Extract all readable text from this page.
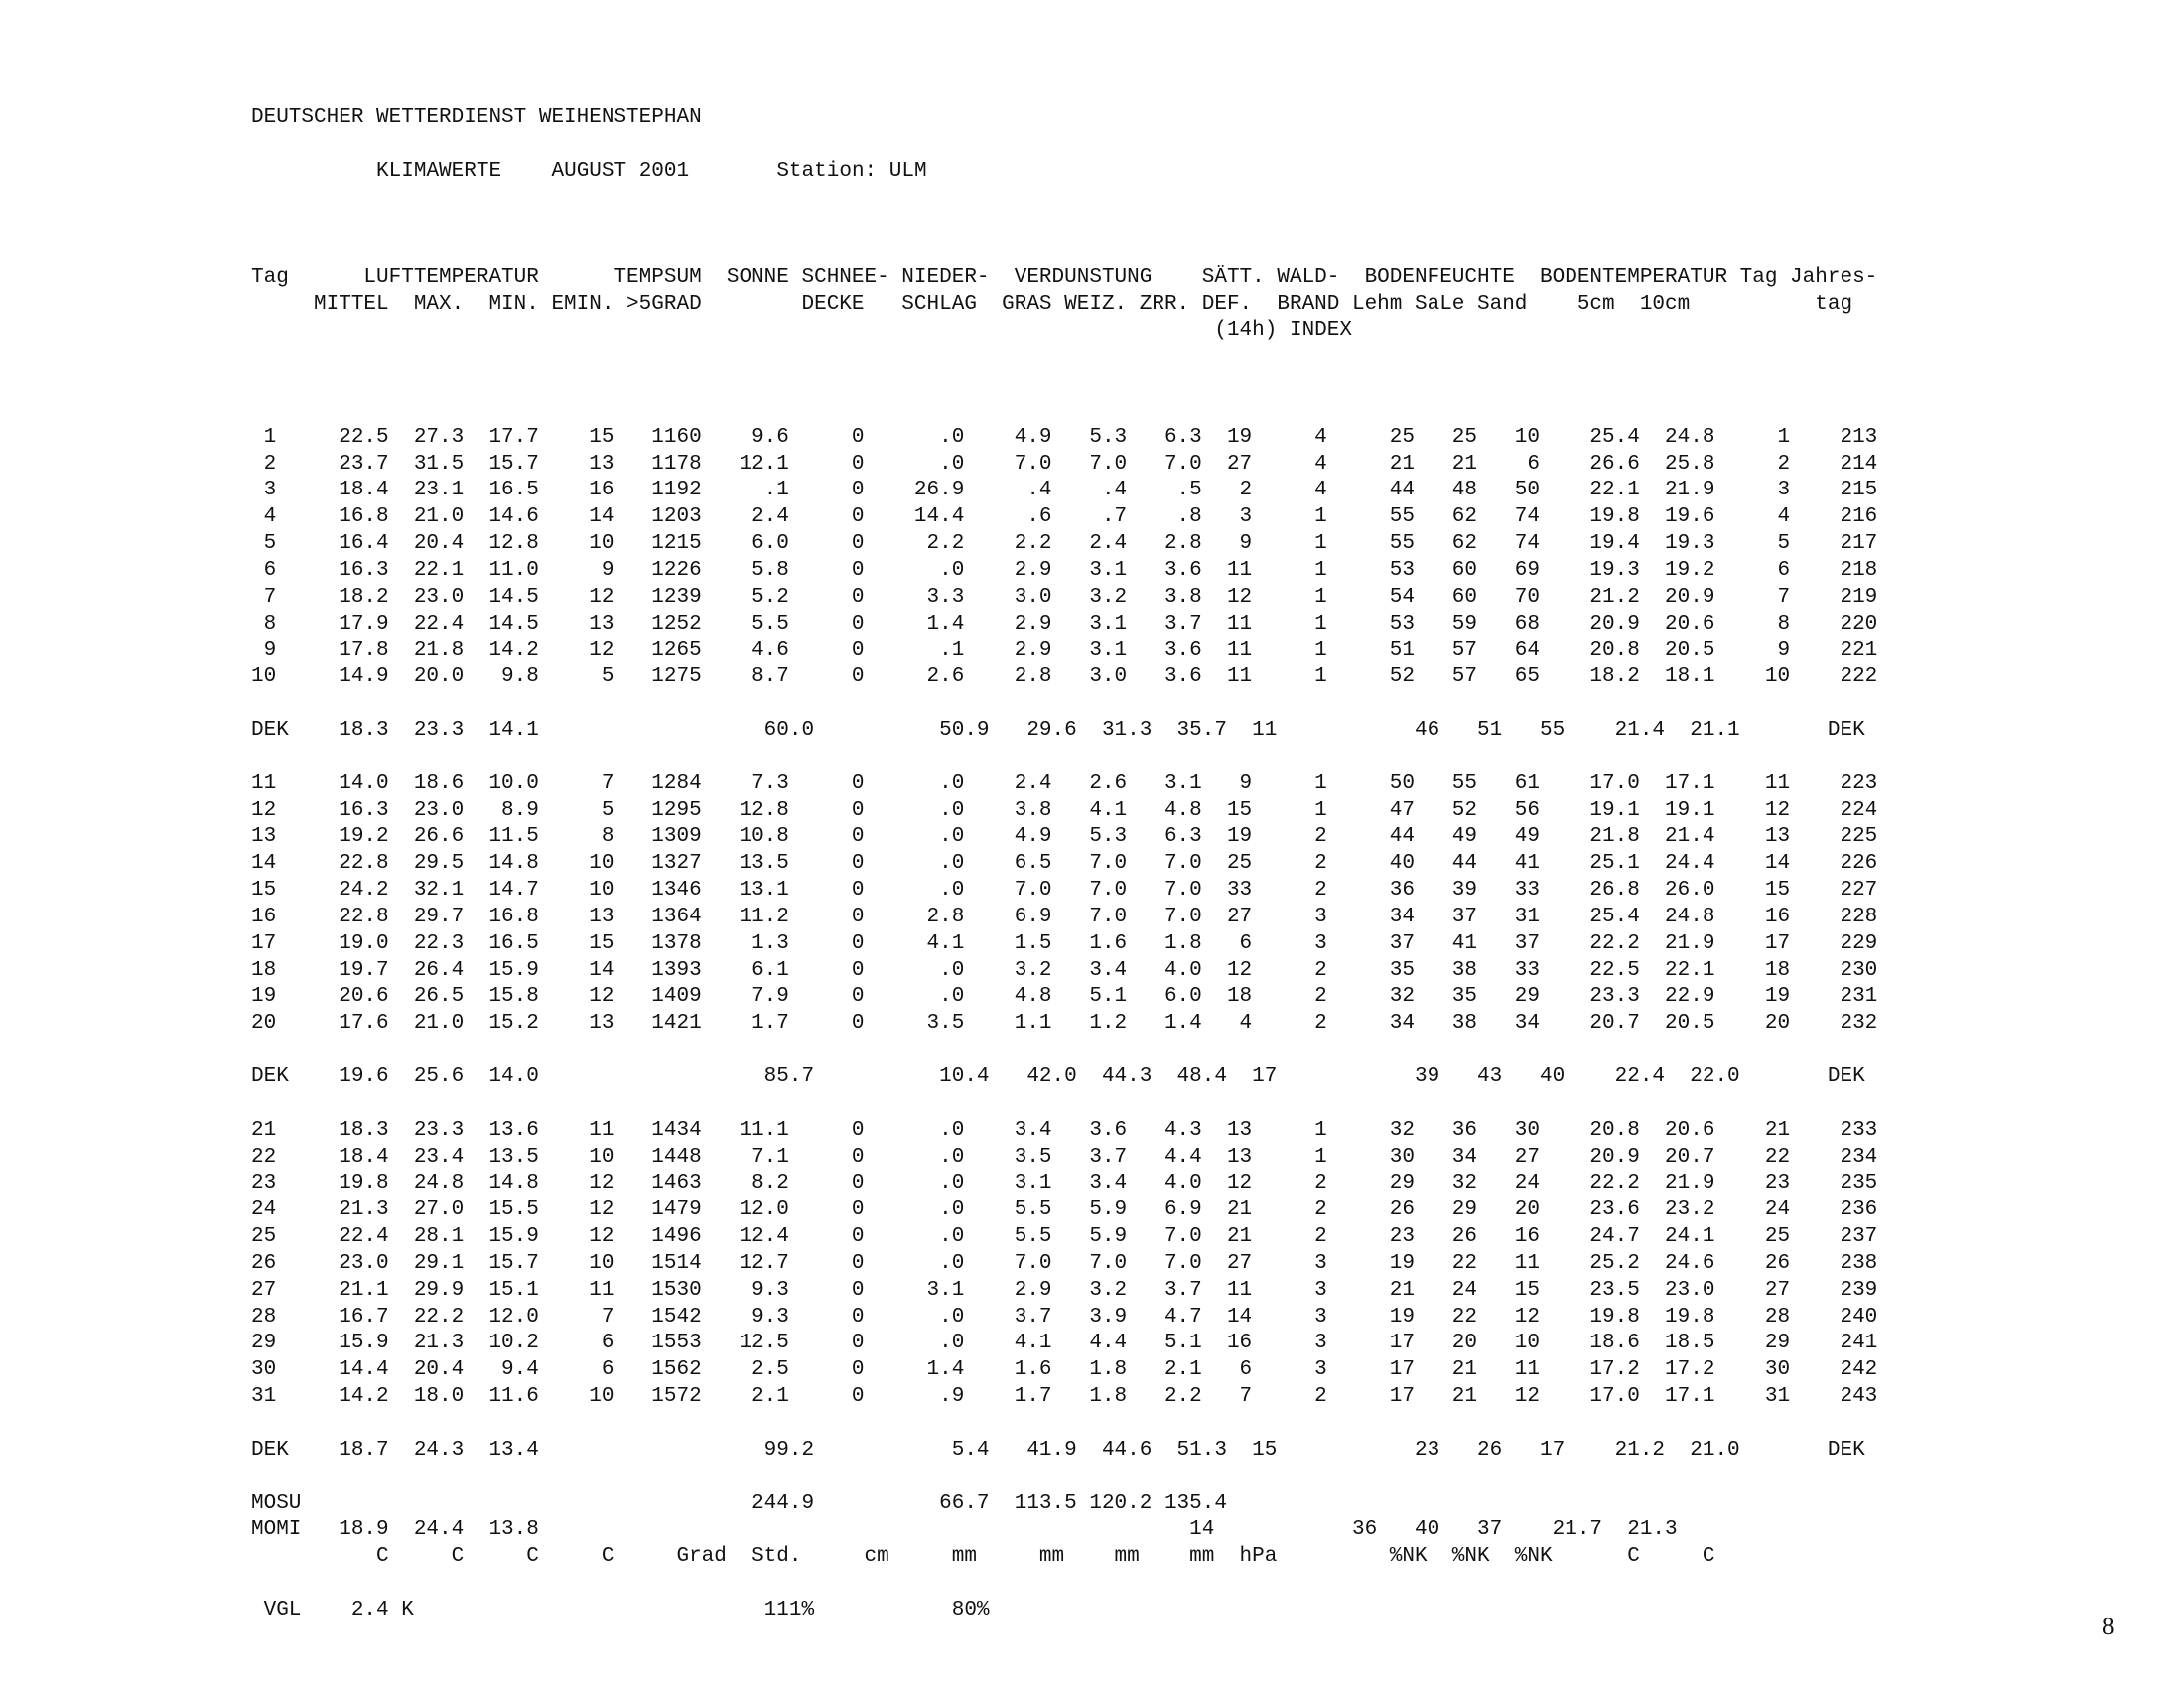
DEUTSCHER WETTERDIENST WEIHENSTEPHAN
KLIMAWERTE AUGUST 2001	Station: ULM

Tag      LUFTTEMPERATUR      TEMPSUM  SONNE SCHNEE- NIEDER-  VERDUNSTUNG    SÄTT. WALD-  BODENFEUCHTE  BODENTEMPERATUR Tag Jahres-
MITTEL  MAX.  MIN. EMIN. >5GRAD        DECKE   SCHLAG  GRAS WEIZ. ZRR. DEF.  BRAND Lehm SaLe Sand    5cm  10cm          tag
(14h) INDEX

1     22.5  27.3  17.7    15   1160    9.6     0      .0    4.9   5.3   6.3  19     4     25   25   10    25.4  24.8     1    213
2     23.7  31.5  15.7    13   1178   12.1     0      .0    7.0   7.0   7.0  27     4     21   21    6    26.6  25.8     2    214
3     18.4  23.1  16.5    16   1192     .1     0    26.9     .4    .4    .5   2     4     44   48   50    22.1  21.9     3    215
4     16.8  21.0  14.6    14   1203    2.4     0    14.4     .6    .7    .8   3     1     55   62   74    19.8  19.6     4    216
5     16.4  20.4  12.8    10   1215    6.0     0     2.2    2.2   2.4   2.8   9     1     55   62   74    19.4  19.3     5    217
6     16.3  22.1  11.0     9   1226    5.8     0      .0    2.9   3.1   3.6  11     1     53   60   69    19.3  19.2     6    218
7     18.2  23.0  14.5    12   1239    5.2     0     3.3    3.0   3.2   3.8  12     1     54   60   70    21.2  20.9     7    219
8     17.9  22.4  14.5    13   1252    5.5     0     1.4    2.9   3.1   3.7  11     1     53   59   68    20.9  20.6     8    220
9     17.8  21.8  14.2    12   1265    4.6     0      .1    2.9   3.1   3.6  11     1     51   57   64    20.8  20.5     9    221
10     14.9  20.0   9.8     5   1275    8.7     0     2.6    2.8   3.0   3.6  11     1     52   57   65    18.2  18.1    10    222
DEK    18.3  23.3  14.1                  60.0          50.9   29.6  31.3  35.7  11           46   51   55    21.4  21.1       DEK
11     14.0  18.6  10.0     7   1284    7.3     0      .0    2.4   2.6   3.1   9     1     50   55   61    17.0  17.1    11    223
12     16.3  23.0   8.9     5   1295   12.8     0      .0    3.8   4.1   4.8  15     1     47   52   56    19.1  19.1    12    224
13     19.2  26.6  11.5     8   1309   10.8     0      .0    4.9   5.3   6.3  19     2     44   49   49    21.8  21.4    13    225
14     22.8  29.5  14.8    10   1327   13.5     0      .0    6.5   7.0   7.0  25     2     40   44   41    25.1  24.4    14    226
15     24.2  32.1  14.7    10   1346   13.1     0      .0    7.0   7.0   7.0  33     2     36   39   33    26.8  26.0    15    227
16     22.8  29.7  16.8    13   1364   11.2     0     2.8    6.9   7.0   7.0  27     3     34   37   31    25.4  24.8    16    228
17     19.0  22.3  16.5    15   1378    1.3     0     4.1    1.5   1.6   1.8   6     3     37   41   37    22.2  21.9    17    229
18     19.7  26.4  15.9    14   1393    6.1     0      .0    3.2   3.4   4.0  12     2     35   38   33    22.5  22.1    18    230
19     20.6  26.5  15.8    12   1409    7.9     0      .0    4.8   5.1   6.0  18     2     32   35   29    23.3  22.9    19    231
20     17.6  21.0  15.2    13   1421    1.7     0     3.5    1.1   1.2   1.4   4     2     34   38   34    20.7  20.5    20    232
DEK    19.6  25.6  14.0                  85.7          10.4   42.0  44.3  48.4  17           39   43   40    22.4  22.0       DEK
21     18.3  23.3  13.6    11   1434   11.1     0      .0    3.4   3.6   4.3  13     1     32   36   30    20.8  20.6    21    233
22     18.4  23.4  13.5    10   1448    7.1     0      .0    3.5   3.7   4.4  13     1     30   34   27    20.9  20.7    22    234
23     19.8  24.8  14.8    12   1463    8.2     0      .0    3.1   3.4   4.0  12     2     29   32   24    22.2  21.9    23    235
24     21.3  27.0  15.5    12   1479   12.0     0      .0    5.5   5.9   6.9  21     2     26   29   20    23.6  23.2    24    236
25     22.4  28.1  15.9    12   1496   12.4     0      .0    5.5   5.9   7.0  21     2     23   26   16    24.7  24.1    25    237
26     23.0  29.1  15.7    10   1514   12.7     0      .0    7.0   7.0   7.0  27     3     19   22   11    25.2  24.6    26    238
27     21.1  29.9  15.1    11   1530    9.3     0     3.1    2.9   3.2   3.7  11     3     21   24   15    23.5  23.0    27    239
28     16.7  22.2  12.0     7   1542    9.3     0      .0    3.7   3.9   4.7  14     3     19   22   12    19.8  19.8    28    240
29     15.9  21.3  10.2     6   1553   12.5     0      .0    4.1   4.4   5.1  16     3     17   20   10    18.6  18.5    29    241
30     14.4  20.4   9.4     6   1562    2.5     0     1.4    1.6   1.8   2.1   6     3     17   21   11    17.2  17.2    30    242
31     14.2  18.0  11.6    10   1572    2.1     0      .9    1.7   1.8   2.2   7     2     17   21   12    17.0  17.1    31    243
DEK    18.7  24.3  13.4                  99.2           5.4   41.9  44.6  51.3  15           23   26   17    21.2  21.0       DEK
MOSU                                    244.9          66.7  113.5 120.2 135.4
MOMI   18.9  24.4  13.8                                                    14           36   40   37    21.7  21.3
C     C     C     C     Grad  Std.     cm     mm     mm    mm    mm  hPa         %NK  %NK  %NK      C     C
VGL    2.4 K                            111%           80%

8
